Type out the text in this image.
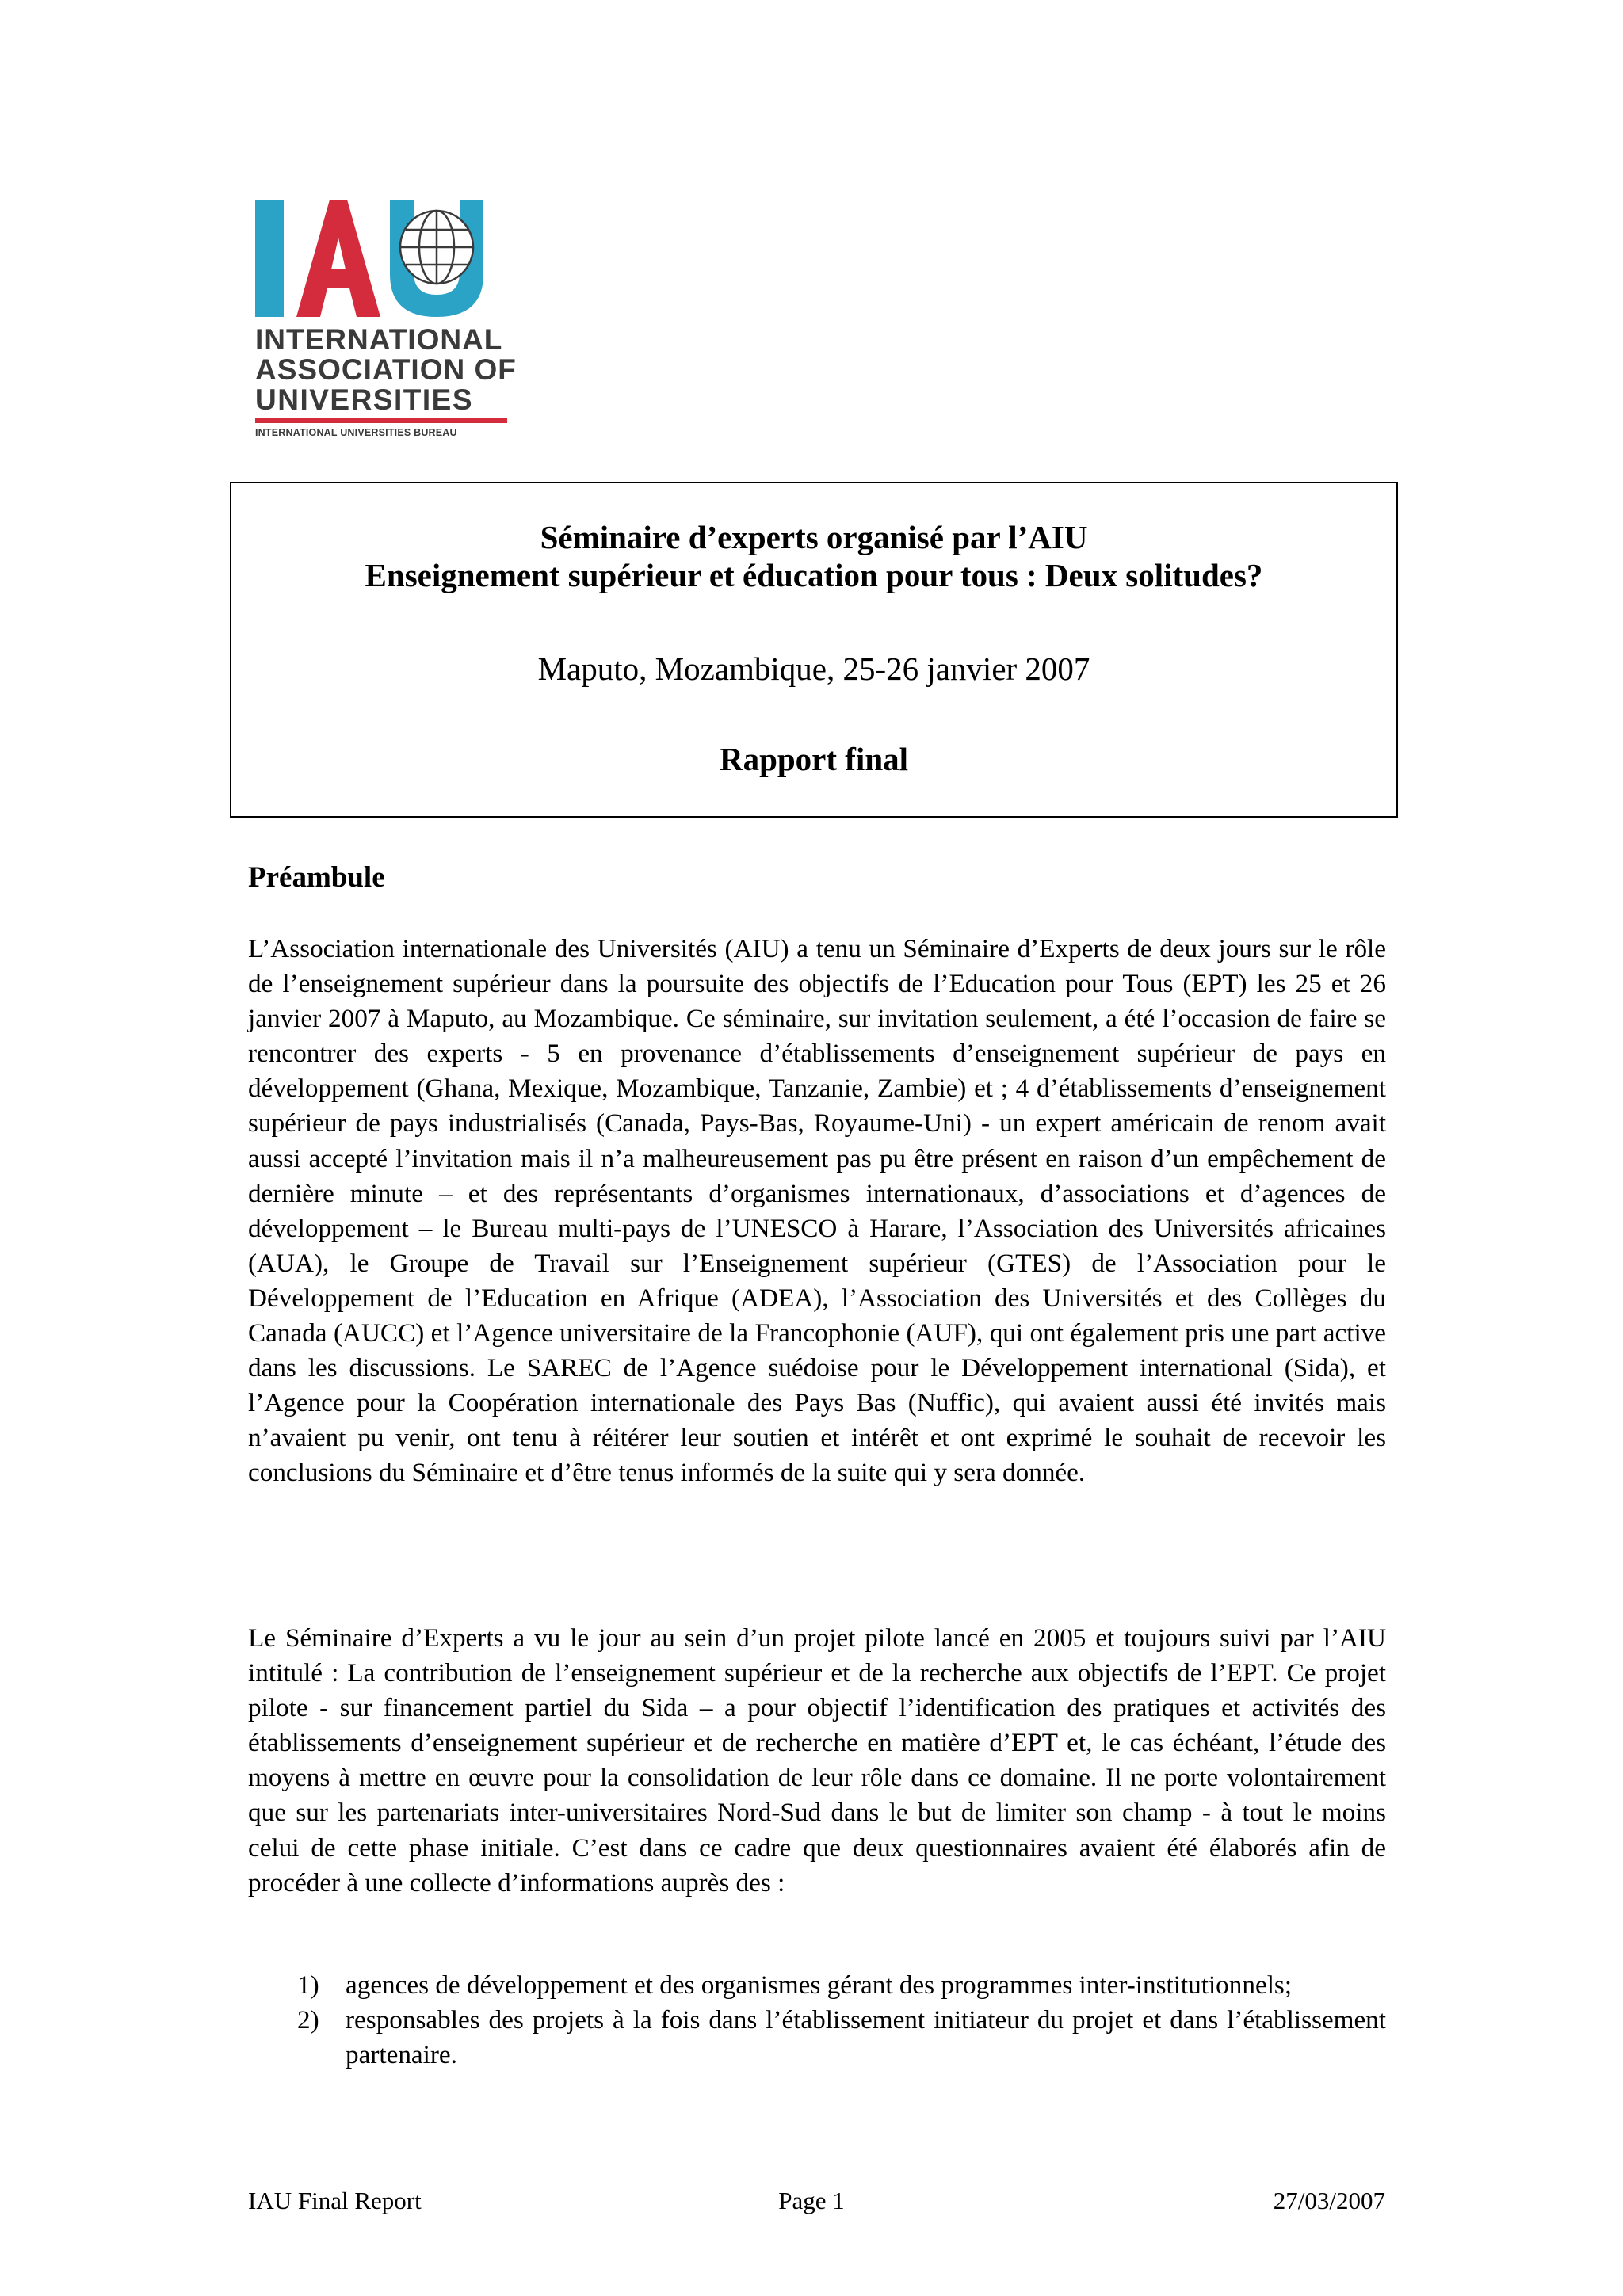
INTERNATIONAL
ASSOCIATION OF
UNIVERSITIES
INTERNATIONAL UNIVERSITIES BUREAU
Séminaire d’experts organisé par l’AIU
Enseignement supérieur et éducation pour tous : Deux solitudes?
Maputo, Mozambique, 25-26 janvier 2007
Rapport final
Préambule

L’Association internationale des Universités (AIU) a tenu un Séminaire d’Experts de deux jours sur le rôle de l’enseignement supérieur dans la poursuite des objectifs de l’Education pour Tous (EPT) les 25 et 26 janvier 2007 à Maputo, au Mozambique. Ce séminaire, sur invitation seulement, a été l’occasion de faire se rencontrer des experts - 5 en provenance d’établissements d’enseignement supérieur de pays en développement (Ghana, Mexique, Mozambique, Tanzanie, Zambie) et ; 4 d’établissements d’enseignement supérieur de pays industrialisés (Canada, Pays-Bas, Royaume-Uni) - un expert américain de renom avait aussi accepté l’invitation mais il n’a malheureusement pas pu être présent en raison d’un empêchement de dernière minute – et des représentants d’organismes internationaux, d’associations et d’agences de développement – le Bureau multi-pays de l’UNESCO à Harare, l’Association des Universités africaines (AUA), le Groupe de Travail sur l’Enseignement supérieur (GTES) de l’Association pour le Développement de l’Education en Afrique (ADEA), l’Association des Universités et des Collèges du Canada (AUCC) et l’Agence universitaire de la Francophonie (AUF), qui ont également pris une part active dans les discussions. Le SAREC de l’Agence suédoise pour le Développement international (Sida), et l’Agence pour la Coopération internationale des Pays Bas (Nuffic), qui avaient aussi été invités mais n’avaient pu venir, ont tenu à réitérer leur soutien et intérêt et ont exprimé le souhait de recevoir les conclusions du Séminaire et d’être tenus informés de la suite qui y sera donnée.

Le Séminaire d’Experts a vu le jour au sein d’un projet pilote lancé en 2005 et toujours suivi par l’AIU intitulé : La contribution de l’enseignement supérieur et de la recherche aux objectifs de l’EPT. Ce projet pilote - sur financement partiel du Sida – a pour objectif l’identification des pratiques et activités des établissements d’enseignement supérieur et de recherche en matière d’EPT et, le cas échéant, l’étude des moyens à mettre en œuvre pour la consolidation de leur rôle dans ce domaine. Il ne porte volontairement que sur les partenariats inter-universitaires Nord-Sud dans le but de limiter son champ - à tout le moins celui de cette phase initiale. C’est dans ce cadre que deux questionnaires avaient été élaborés afin de procéder à une collecte d’informations auprès des :

1) agences de développement et des organismes gérant des programmes inter-institutionnels;
2) responsables des projets à la fois dans l’établissement initiateur du projet et dans l’établissement partenaire.
IAU Final Report	Page 1	27/03/2007
